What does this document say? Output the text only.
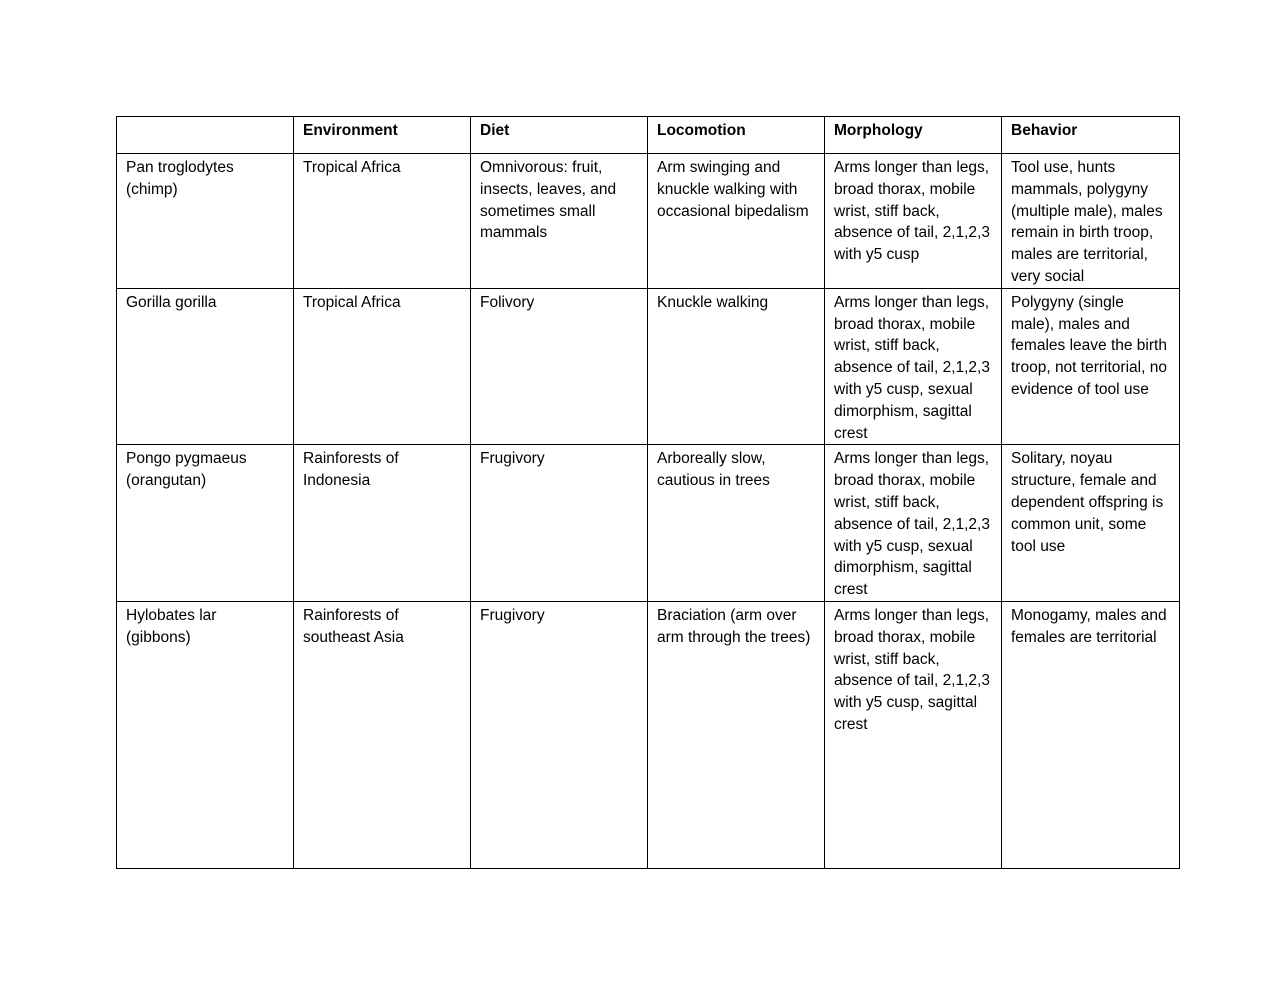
	Environment	Diet	Locomotion	Morphology	Behavior
Pan troglodytes (chimp)	Tropical Africa	Omnivorous: fruit, insects, leaves, and sometimes small mammals	Arm swinging and knuckle walking with occasional bipedalism	Arms longer than legs, broad thorax, mobile wrist, stiff back, absence of tail, 2,1,2,3 with y5 cusp	Tool use, hunts mammals, polygyny (multiple male), males remain in birth troop, males are territorial, very social
Gorilla gorilla	Tropical Africa	Folivory	Knuckle walking	Arms longer than legs, broad thorax, mobile wrist, stiff back, absence of tail, 2,1,2,3 with y5 cusp, sexual dimorphism, sagittal crest	Polygyny (single male), males and females leave the birth troop, not territorial, no evidence of tool use
Pongo pygmaeus (orangutan)	Rainforests of Indonesia	Frugivory	Arboreally slow, cautious in trees	Arms longer than legs, broad thorax, mobile wrist, stiff back, absence of tail, 2,1,2,3 with y5 cusp, sexual dimorphism, sagittal crest	Solitary, noyau structure, female and dependent offspring is common unit, some tool use
Hylobates lar (gibbons)	Rainforests of southeast Asia	Frugivory	Braciation (arm over arm through the trees)	Arms longer than legs, broad thorax, mobile wrist, stiff back, absence of tail, 2,1,2,3 with y5 cusp, sagittal crest	Monogamy, males and females are territorial
